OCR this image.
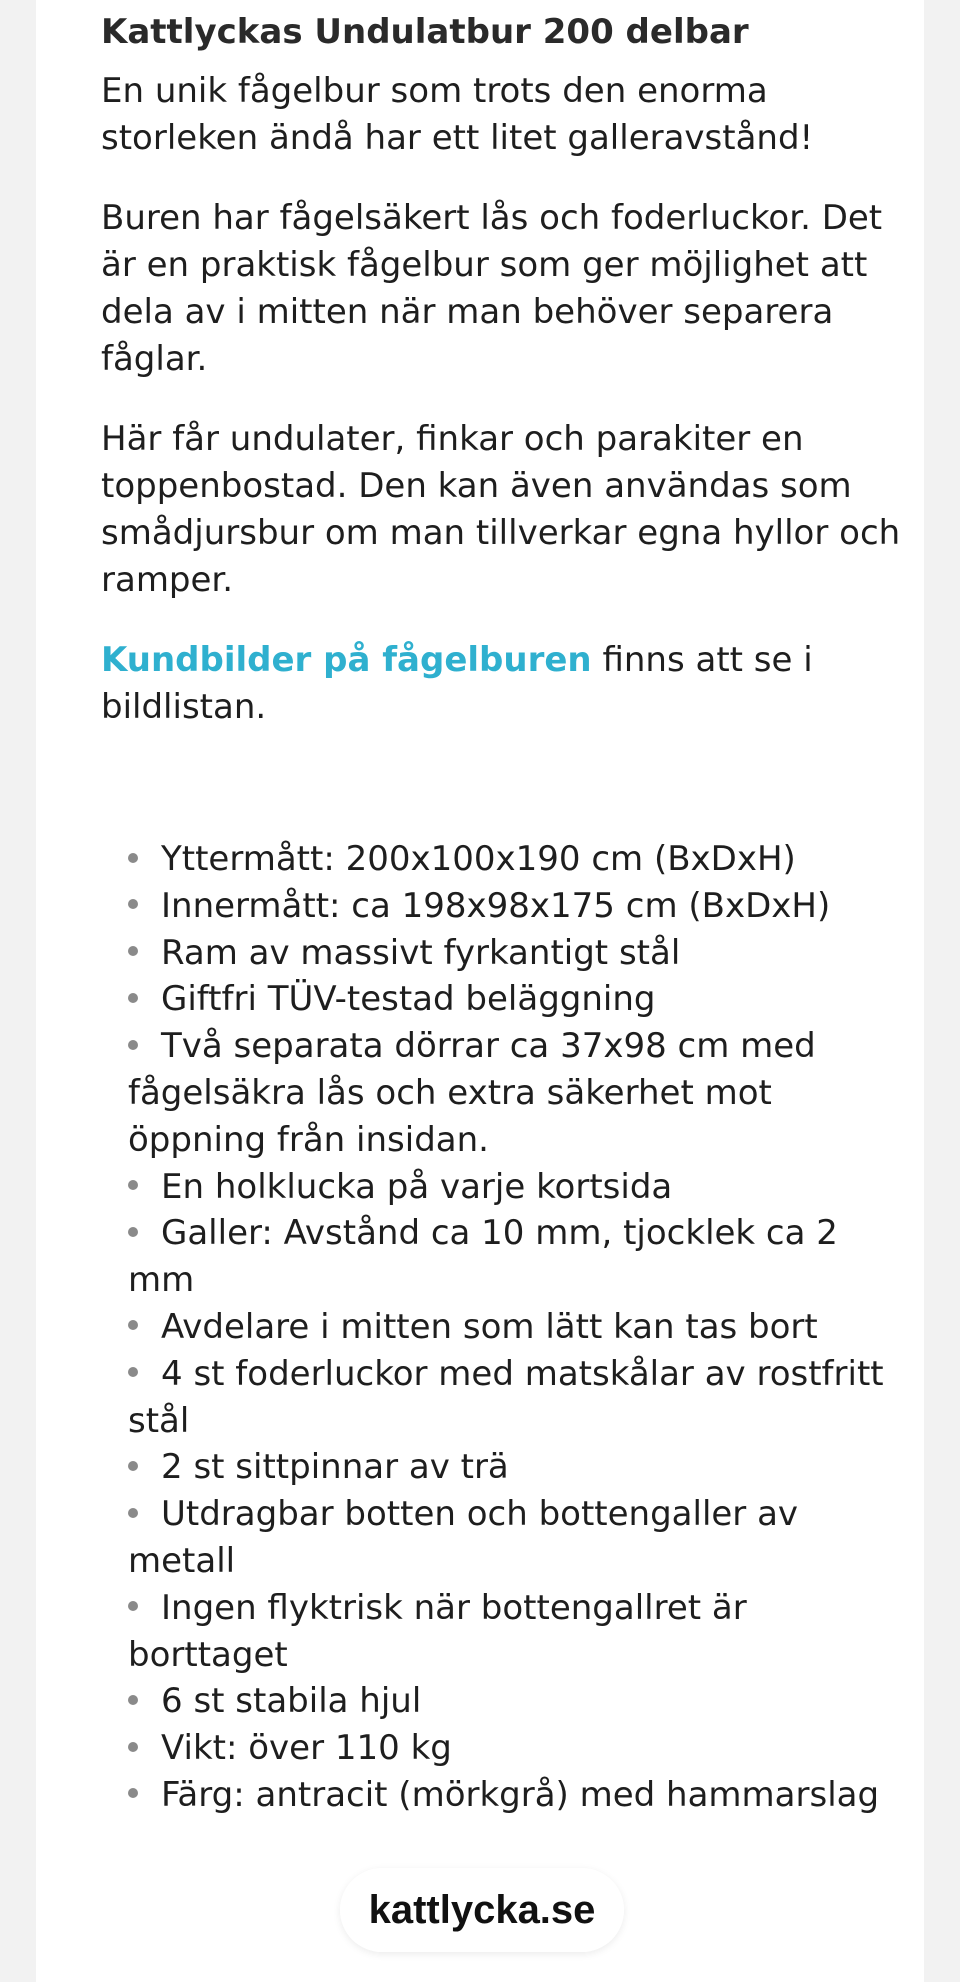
Kattlyckas Undulatbur 200 delbar

En unik fågelbur som trots den enorma storleken ändå har ett litet galleravstånd!

Buren har fågelsäkert lås och foderluckor. Det är en praktisk fågelbur som ger möjlighet att dela av i mitten när man behöver separera fåglar.

Här får undulater, finkar och parakiter en toppenbostad. Den kan även användas som smådjursbur om man tillverkar egna hyllor och ramper.

Kundbilder på fågelburen finns att se i bildlistan.

Yttermått: 200x100x190 cm (BxDxH)
Innermått: ca 198x98x175 cm (BxDxH)
Ram av massivt fyrkantigt stål
Giftfri TÜV-testad beläggning
Två separata dörrar ca 37x98 cm med fågelsäkra lås och extra säkerhet mot öppning från insidan.
En holklucka på varje kortsida
Galler: Avstånd ca 10 mm, tjocklek ca 2 mm
Avdelare i mitten som lätt kan tas bort
4 st foderluckor med matskålar av rostfritt stål
2 st sittpinnar av trä
Utdragbar botten och bottengaller av metall
Ingen flyktrisk när bottengallret är borttaget
6 st stabila hjul
Vikt: över 110 kg
Färg: antracit (mörkgrå) med hammarslag
kattlycka.se
